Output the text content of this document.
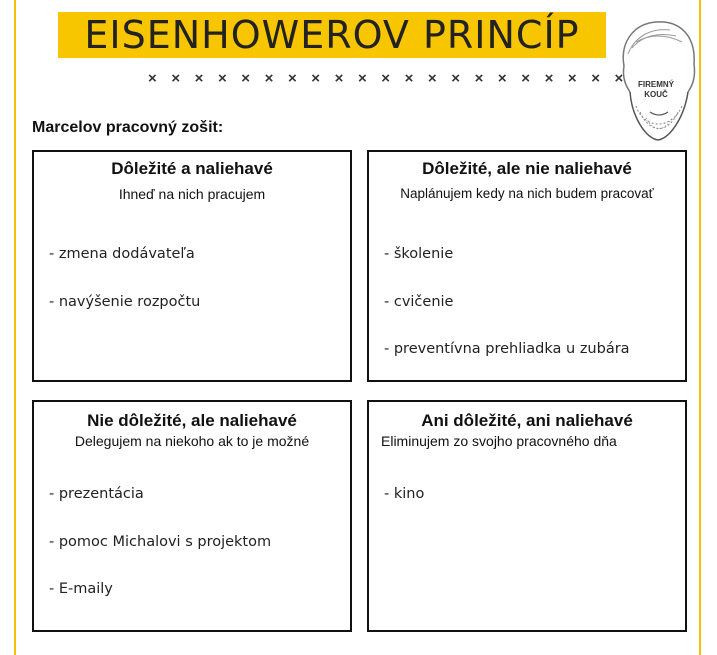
EISENHOWEROV PRINCÍP
× × × × × × × × × × × × × × × × × × × × ×	FIREMNÝ
KOUČ
Marcelov pracovný zošit:
Dôležité a naliehavé
Ihneď na nich pracujem
- zmena dodávateľa
- navýšenie rozpočtu
Dôležité, ale nie naliehavé
Naplánujem kedy na nich budem pracovať
- školenie
- cvičenie
- preventívna prehliadka u zubára
Nie dôležité, ale naliehavé
Delegujem na niekoho ak to je možné
- prezentácia
- pomoc Michalovi s projektom
- E-maily
Ani dôležité, ani naliehavé
Eliminujem zo svojho pracovného dňa
- kino
